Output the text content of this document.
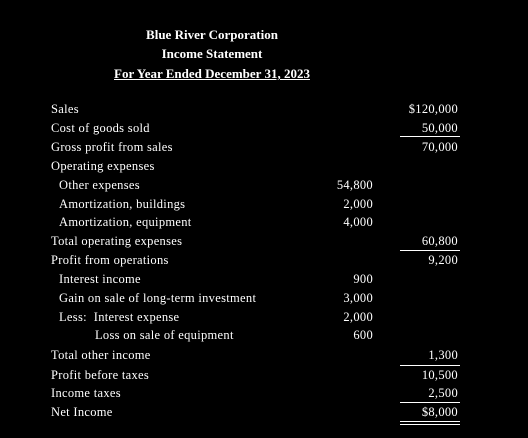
Blue River Corporation
Income Statement
For Year Ended December 31, 2023
Sales	$120,000
Cost of goods sold	50,000
Gross profit from sales	70,000
Operating expenses
Other expenses	54,800
Amortization, buildings	2,000
Amortization, equipment	4,000
Total operating expenses	60,800
Profit from operations	9,200
Interest income	900
Gain on sale of long-term investment	3,000
Less:  Interest expense	2,000
Loss on sale of equipment	600
Total other income	1,300
Profit before taxes	10,500
Income taxes	2,500
Net Income	$8,000
